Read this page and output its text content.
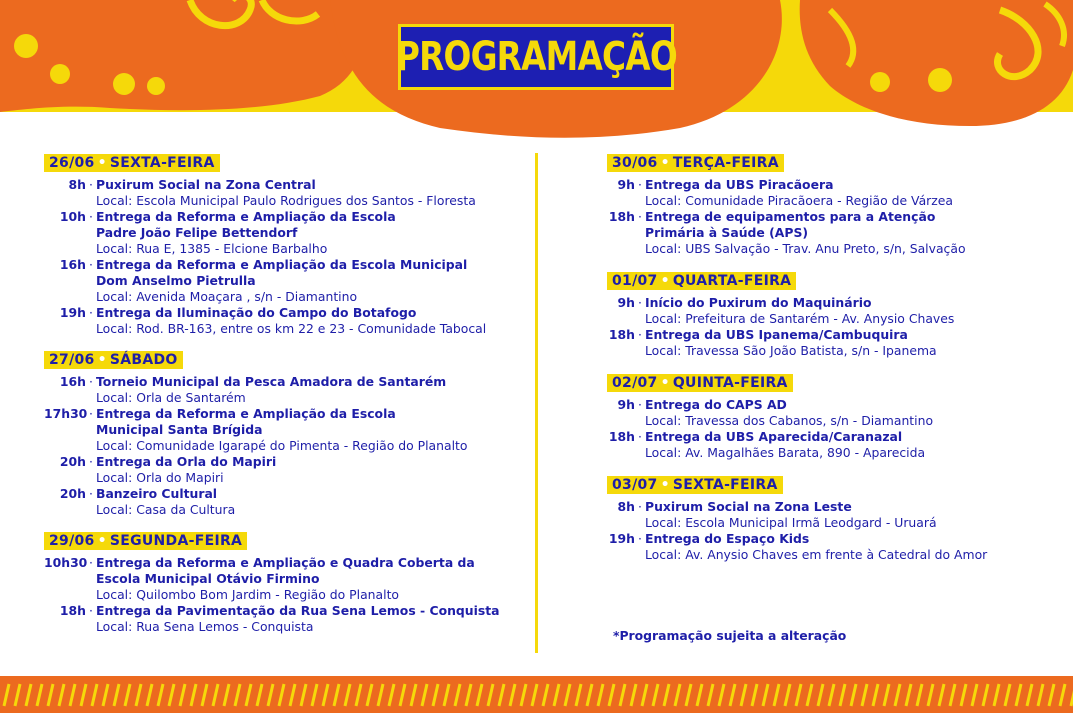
PROGRAMAÇÃO
26/06 • SEXTA-FEIRA
8h · Puxirum Social na Zona Central
Local: Escola Municipal Paulo Rodrigues dos Santos - Floresta
10h · Entrega da Reforma e Ampliação da Escola
Padre João Felipe Bettendorf
Local: Rua E, 1385 - Elcione Barbalho
16h · Entrega da Reforma e Ampliação da Escola Municipal
Dom Anselmo Pietrulla
Local: Avenida Moaçara , s/n - Diamantino
19h · Entrega da Iluminação do Campo do Botafogo
Local: Rod. BR-163, entre os km 22 e 23 - Comunidade Tabocal
27/06 • SÁBADO
16h · Torneio Municipal da Pesca Amadora de Santarém
Local: Orla de Santarém
17h30 · Entrega da Reforma e Ampliação da Escola
Municipal Santa Brígida
Local: Comunidade Igarapé do Pimenta - Região do Planalto
20h · Entrega da Orla do Mapiri
Local: Orla do Mapiri
20h · Banzeiro Cultural
Local: Casa da Cultura
29/06 • SEGUNDA-FEIRA
10h30 · Entrega da Reforma e Ampliação e Quadra Coberta da
Escola Municipal Otávio Firmino
Local: Quilombo Bom Jardim - Região do Planalto
18h · Entrega da Pavimentação da Rua Sena Lemos - Conquista
Local: Rua Sena Lemos - Conquista
30/06 • TERÇA-FEIRA
9h · Entrega da UBS Piracãoera
Local: Comunidade Piracãoera - Região de Várzea
18h · Entrega de equipamentos para a Atenção
Primária à Saúde (APS)
Local: UBS Salvação - Trav. Anu Preto, s/n, Salvação
01/07 • QUARTA-FEIRA
9h · Início do Puxirum do Maquinário
Local: Prefeitura de Santarém - Av. Anysio Chaves
18h · Entrega da UBS Ipanema/Cambuquira
Local: Travessa São João Batista, s/n - Ipanema
02/07 • QUINTA-FEIRA
9h · Entrega do CAPS AD
Local: Travessa dos Cabanos, s/n - Diamantino
18h · Entrega da UBS Aparecida/Caranazal
Local: Av. Magalhães Barata, 890 - Aparecida
03/07 • SEXTA-FEIRA
8h · Puxirum Social na Zona Leste
Local: Escola Municipal Irmã Leodgard - Uruará
19h · Entrega do Espaço Kids
Local: Av. Anysio Chaves em frente à Catedral do Amor
*Programação sujeita a alteração
